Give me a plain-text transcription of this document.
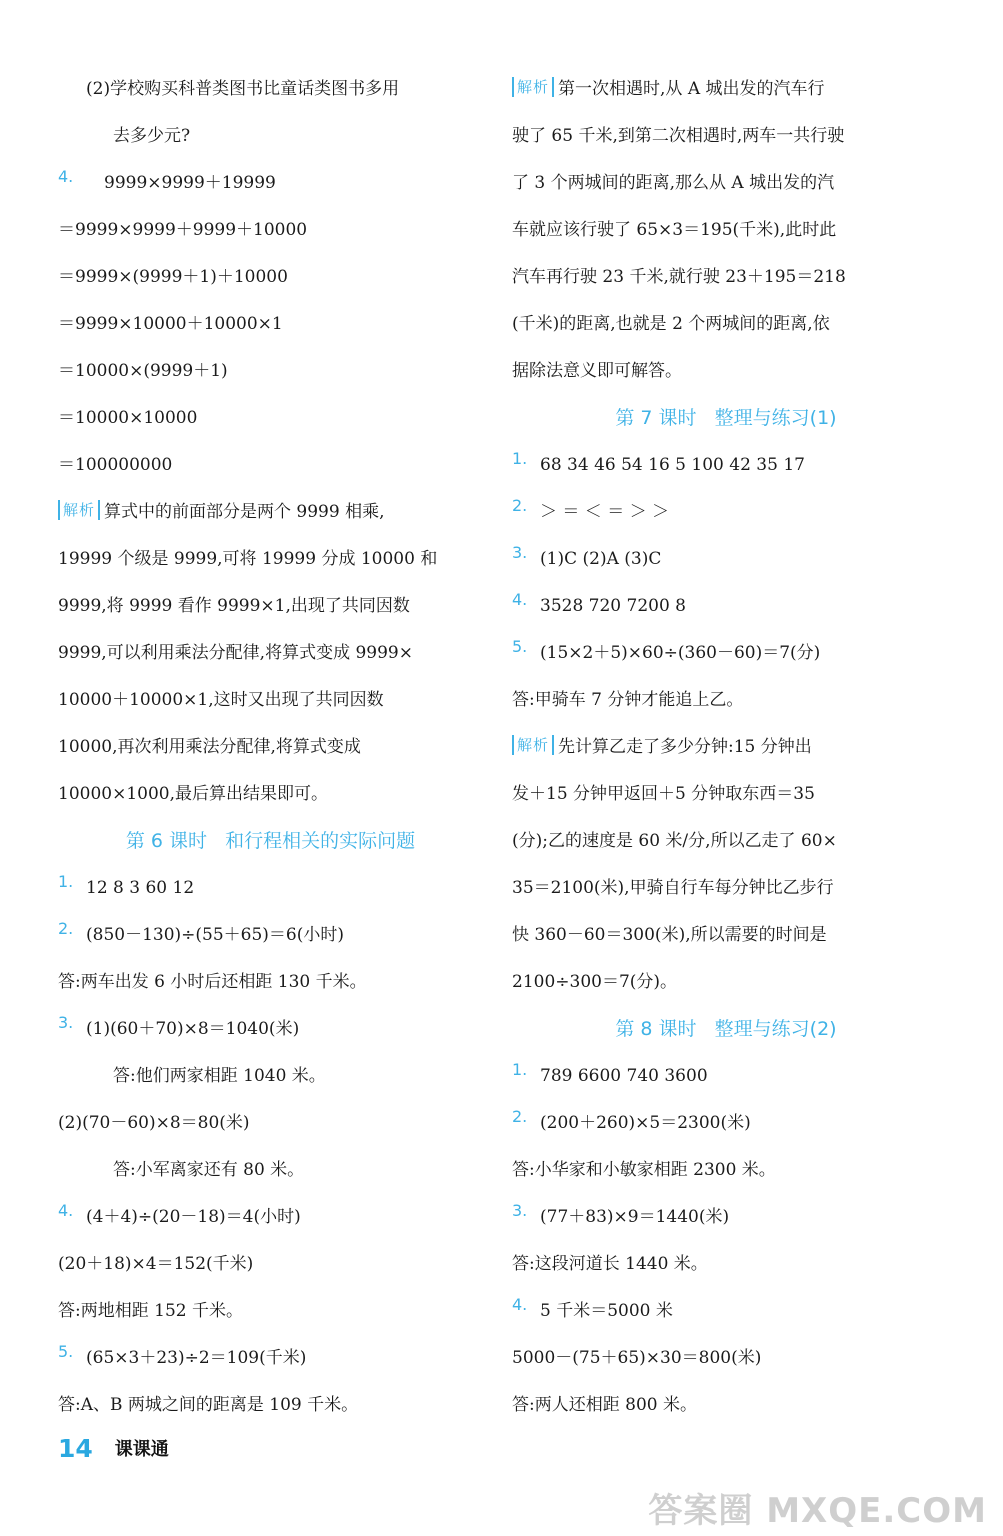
(2)学校购买科普类图书比童话类图书多用
去多少元?
4. 9999×9999＋19999
＝9999×9999＋9999＋10000
＝9999×(9999＋1)＋10000
＝9999×10000＋10000×1
＝10000×(9999＋1)
＝10000×10000
＝100000000
解析 算式中的前面部分是两个 9999 相乘,
19999 个级是 9999,可将 19999 分成 10000 和
9999,将 9999 看作 9999×1,出现了共同因数
9999,可以利用乘法分配律,将算式变成 9999×
10000＋10000×1,这时又出现了共同因数
10000,再次利用乘法分配律,将算式变成
10000×1000,最后算出结果即可。
第 6 课时   和行程相关的实际问题
1. 12 8 3 60 12
2. (850－130)÷(55＋65)＝6(小时)
答:两车出发 6 小时后还相距 130 千米。
3. (1)(60＋70)×8＝1040(米)
答:他们两家相距 1040 米。
(2)(70－60)×8＝80(米)
答:小军离家还有 80 米。
4. (4＋4)÷(20－18)＝4(小时)
(20＋18)×4＝152(千米)
答:两地相距 152 千米。
5. (65×3＋23)÷2＝109(千米)
答:A、B 两城之间的距离是 109 千米。
解析 第一次相遇时,从 A 城出发的汽车行
驶了 65 千米,到第二次相遇时,两车一共行驶
了 3 个两城间的距离,那么从 A 城出发的汽
车就应该行驶了 65×3＝195(千米),此时此
汽车再行驶 23 千米,就行驶 23＋195＝218
(千米)的距离,也就是 2 个两城间的距离,依
据除法意义即可解答。
第 7 课时   整理与练习(1)
1. 68 34 46 54 16 5 100 42 35 17
2. ＞ ＝ ＜ ＝ ＞ ＞
3. (1)C (2)A (3)C
4. 3528 720 7200 8
5. (15×2＋5)×60÷(360－60)＝7(分)
答:甲骑车 7 分钟才能追上乙。
解析 先计算乙走了多少分钟:15 分钟出
发＋15 分钟甲返回＋5 分钟取东西＝35
(分);乙的速度是 60 米/分,所以乙走了 60×
35＝2100(米),甲骑自行车每分钟比乙步行
快 360－60＝300(米),所以需要的时间是
2100÷300＝7(分)。
第 8 课时   整理与练习(2)
1. 789 6600 740 3600
2. (200＋260)×5＝2300(米)
答:小华家和小敏家相距 2300 米。
3. (77＋83)×9＝1440(米)
答:这段河道长 1440 米。
4. 5 千米＝5000 米
5000－(75＋65)×30＝800(米)
答:两人还相距 800 米。
14 课课通
答案圈 MXQE.COM
